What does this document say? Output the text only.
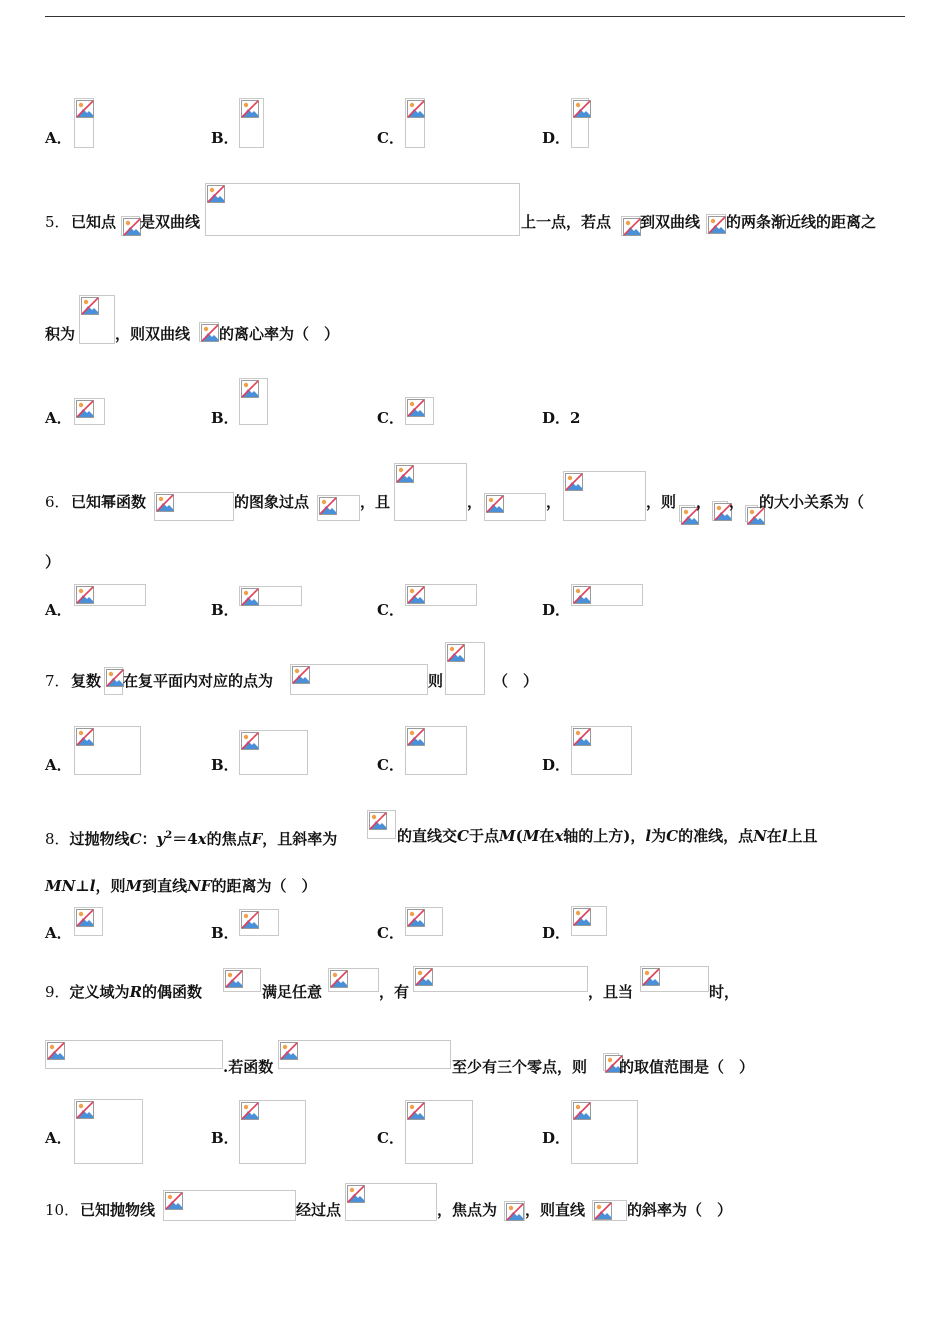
A．	B．	C．	D．
5． 已知点 是双曲线	上一点，若点 到双曲线 的两条渐近线的距离之
积为	，则双曲线 的离心率为（　）
A．	B．	C．	D． 2
6． 已知幂函数	的图象过点	，且	，	，	，则 ， ， 的大小关系为（
）
A．	B．	C．	D．
7． 复数 在复平面内对应的点为	则	（　）
A．	B．	C．	D．
8．过抛物线C：$y^2=4x$的焦点F，且斜率为	的直线交C于点M(M在x轴的上方)，l为C的准线，点N在l上且
MN⊥l，则M到直线NF的距离为（　）
A．	B．	C．	D．
9．定义域为R的偶函数	满足任意	，有	，且当	时，
.若函数	至少有三个零点，则 的取值范围是（　）
A．	B．	C．	D．
10． 已知抛物线	经过点	，焦点为 ，则直线	的斜率为（　）
